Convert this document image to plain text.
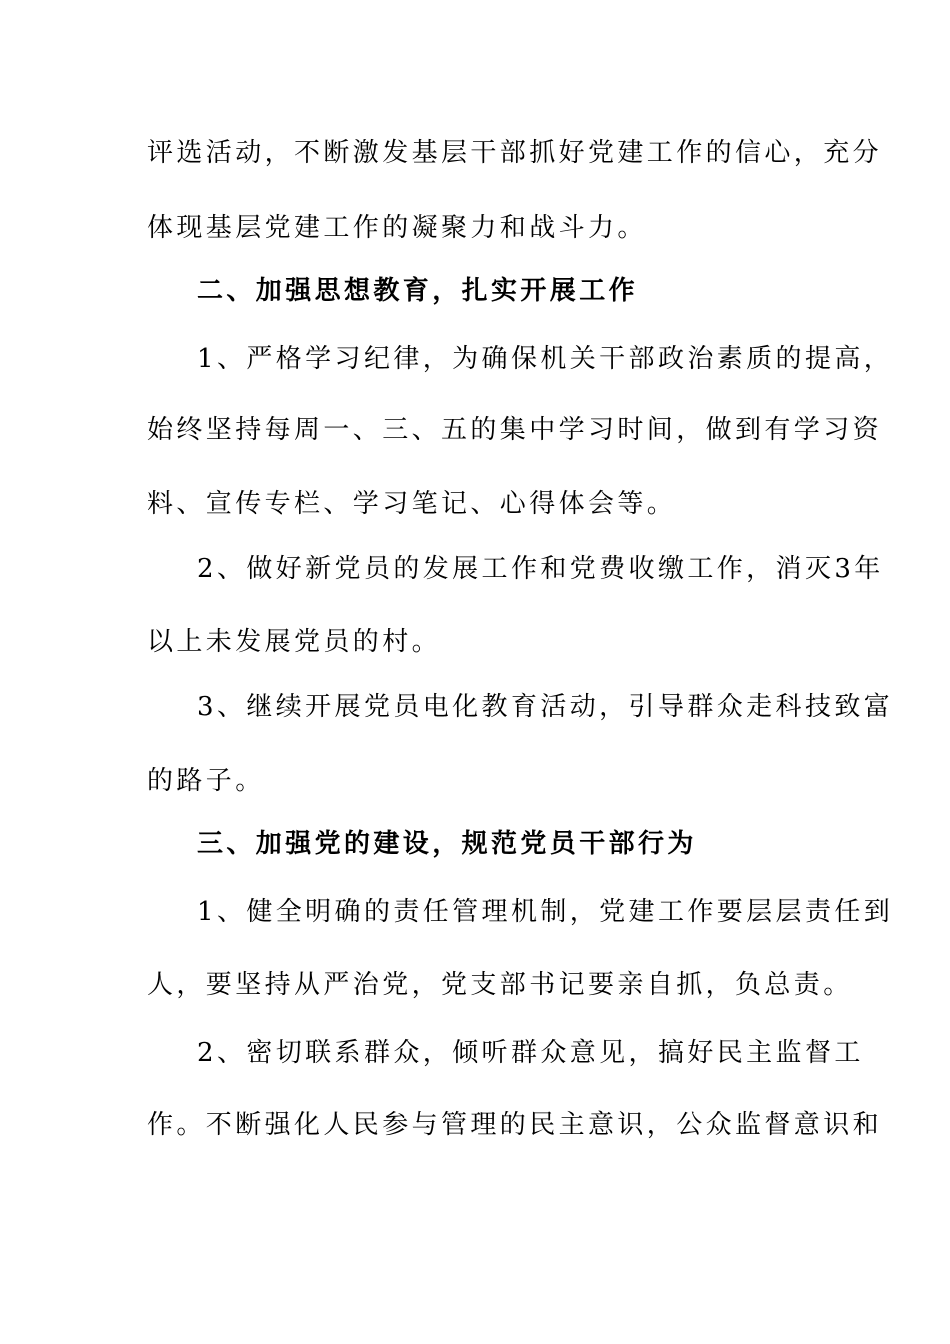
评选活动，不断激发基层干部抓好党建工作的信心，充分
体现基层党建工作的凝聚力和战斗力。
二、加强思想教育，扎实开展工作
1、严格学习纪律，为确保机关干部政治素质的提高，
始终坚持每周一、三、五的集中学习时间，做到有学习资
料、宣传专栏、学习笔记、心得体会等。
2、做好新党员的发展工作和党费收缴工作，消灭3年
以上未发展党员的村。
3、继续开展党员电化教育活动，引导群众走科技致富
的路子。
三、加强党的建设，规范党员干部行为
1、健全明确的责任管理机制，党建工作要层层责任到
人，要坚持从严治党，党支部书记要亲自抓，负总责。
2、密切联系群众，倾听群众意见，搞好民主监督工
作。不断强化人民参与管理的民主意识，公众监督意识和
